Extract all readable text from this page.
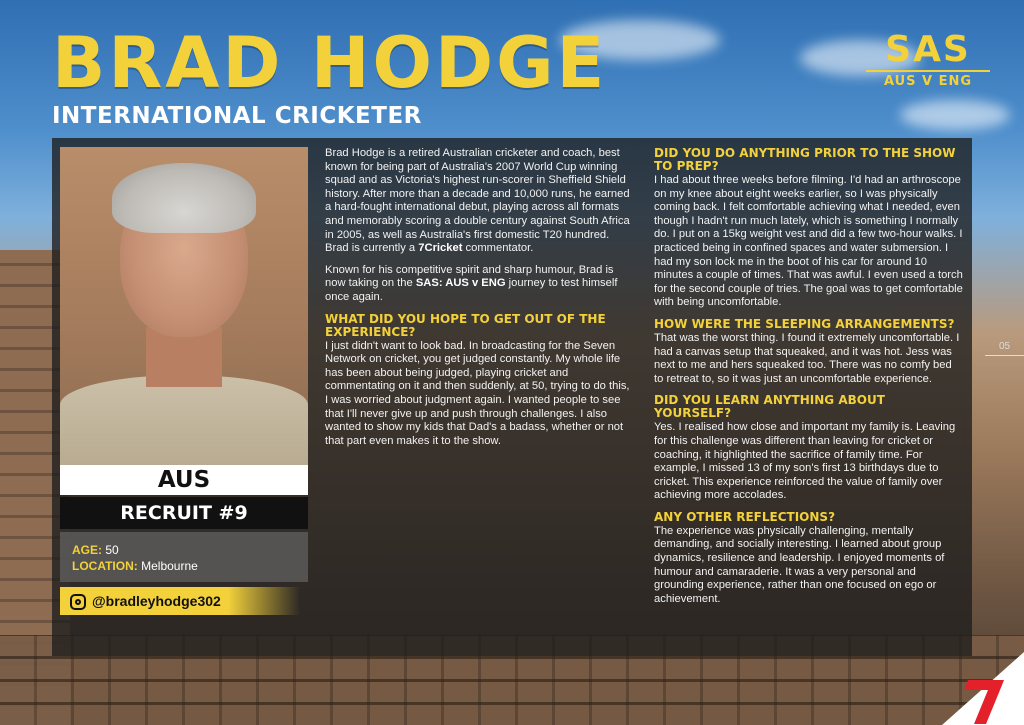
BRAD HODGE
INTERNATIONAL CRICKETER
SAS
AUS V ENG
AUS
RECRUIT #9
AGE: 50
LOCATION: Melbourne
@bradleyhodge302

Brad Hodge is a retired Australian cricketer and coach, best known for being part of Australia's 2007 World Cup winning squad and as Victoria's highest run-scorer in Sheffield Shield history. After more than a decade and 10,000 runs, he earned a hard-fought international debut, playing across all formats and memorably scoring a double century against South Africa in 2005, as well as Australia's first domestic T20 hundred. Brad is currently a 7Cricket commentator.

Known for his competitive spirit and sharp humour, Brad is now taking on the SAS: AUS v ENG journey to test himself once again.

WHAT DID YOU HOPE TO GET OUT OF THE EXPERIENCE?

I just didn't want to look bad. In broadcasting for the Seven Network on cricket, you get judged constantly. My whole life has been about being judged, playing cricket and commentating on it and then suddenly, at 50, trying to do this, I was worried about judgment again. I wanted people to see that I'll never give up and push through challenges. I also wanted to show my kids that Dad's a badass, whether or not that part even makes it to the show.

DID YOU DO ANYTHING PRIOR TO THE SHOW TO PREP?

I had about three weeks before filming. I'd had an arthroscope on my knee about eight weeks earlier, so I was physically coming back. I felt comfortable achieving what I needed, even though I hadn't run much lately, which is something I normally do. I put on a 15kg weight vest and did a few two-hour walks. I practiced being in confined spaces and water submersion. I had my son lock me in the boot of his car for around 10 minutes a couple of times. That was awful. I even used a torch for the second couple of tries. The goal was to get comfortable with being uncomfortable.

HOW WERE THE SLEEPING ARRANGEMENTS?

That was the worst thing. I found it extremely uncomfortable. I had a canvas setup that squeaked, and it was hot. Jess was next to me and hers squeaked too. There was no comfy bed to retreat to, so it was just an uncomfortable experience.

DID YOU LEARN ANYTHING ABOUT YOURSELF?

Yes. I realised how close and important my family is. Leaving for this challenge was different than leaving for cricket or coaching, it highlighted the sacrifice of family time. For example, I missed 13 of my son's first 13 birthdays due to cricket. This experience reinforced the value of family over achieving more accolades.

ANY OTHER REFLECTIONS?

The experience was physically challenging, mentally demanding, and socially interesting. I learned about group dynamics, resilience and leadership. I enjoyed moments of humour and camaraderie. It was a very personal and grounding experience, rather than one focused on ego or achievement.

05
